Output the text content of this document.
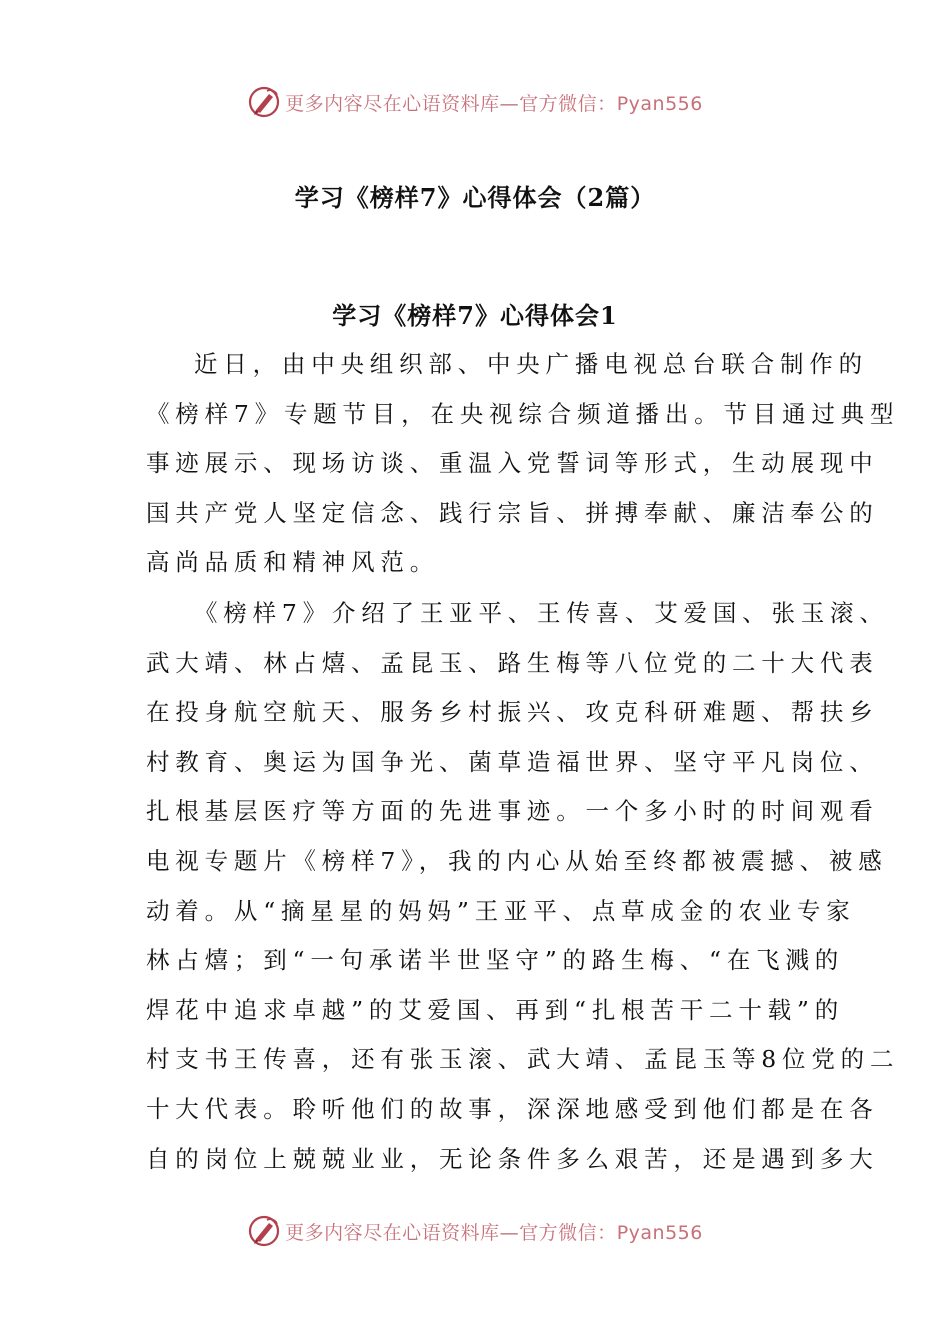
更多内容尽在心语资料库—官方微信：Pyan556
学习《榜样7》心得体会（2篇）
学习《榜样7》心得体会1
近日，由中央组织部、中央广播电视总台联合制作的
《榜样7》专题节目，在央视综合频道播出。节目通过典型
事迹展示、现场访谈、重温入党誓词等形式，生动展现中
国共产党人坚定信念、践行宗旨、拼搏奉献、廉洁奉公的
高尚品质和精神风范。
《榜样7》介绍了王亚平、王传喜、艾爱国、张玉滚、
武大靖、林占熺、孟昆玉、路生梅等八位党的二十大代表
在投身航空航天、服务乡村振兴、攻克科研难题、帮扶乡
村教育、奥运为国争光、菌草造福世界、坚守平凡岗位、
扎根基层医疗等方面的先进事迹。一个多小时的时间观看
电视专题片《榜样7》，我的内心从始至终都被震撼、被感
动着。从“摘星星的妈妈”王亚平、点草成金的农业专家
林占熺；到“一句承诺半世坚守”的路生梅、“在飞溅的
焊花中追求卓越”的艾爱国、再到“扎根苦干二十载”的
村支书王传喜，还有张玉滚、武大靖、孟昆玉等8位党的二
十大代表。聆听他们的故事，深深地感受到他们都是在各
自的岗位上兢兢业业，无论条件多么艰苦，还是遇到多大
更多内容尽在心语资料库—官方微信：Pyan556
